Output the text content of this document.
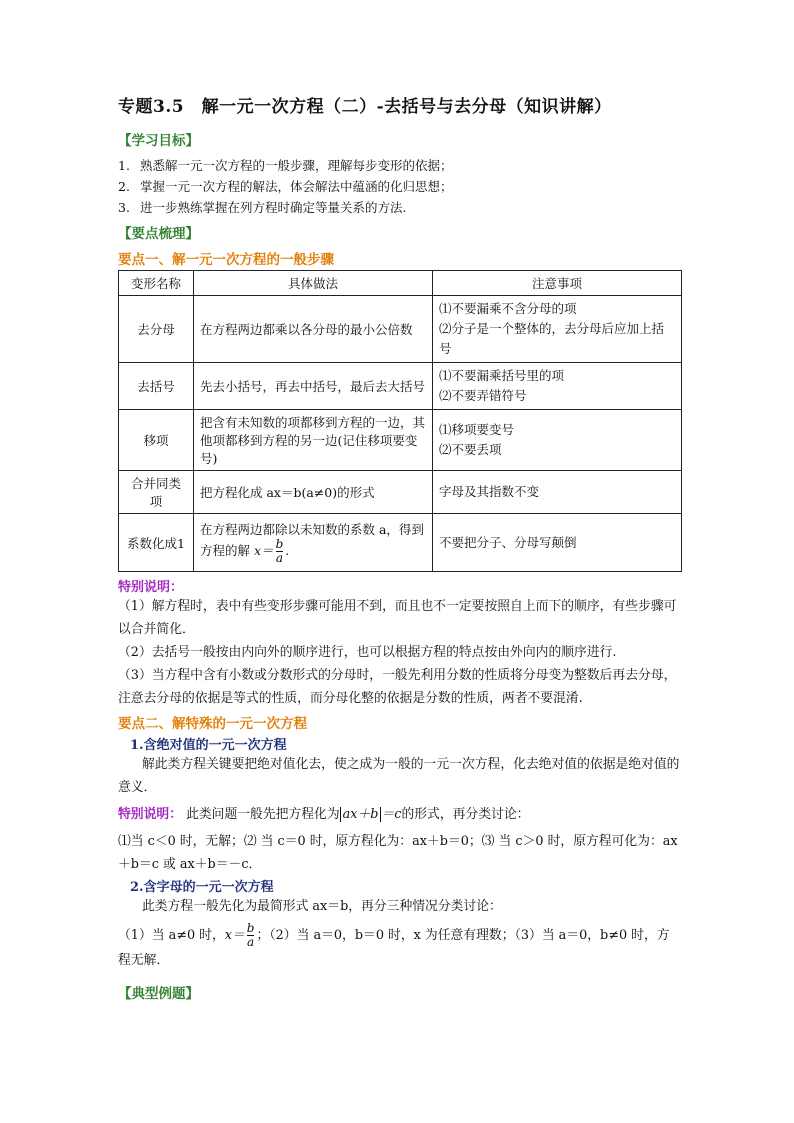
专题3.5　解一元一次方程（二）-去括号与去分母（知识讲解）
【学习目标】
1. 熟悉解一元一次方程的一般步骤，理解每步变形的依据；
2. 掌握一元一次方程的解法，体会解法中蕴涵的化归思想；
3. 进一步熟练掌握在列方程时确定等量关系的方法.
【要点梳理】
要点一、解一元一次方程的一般步骤
变形名称	具体做法	注意事项
去分母	在方程两边都乘以各分母的最小公倍数	⑴不要漏乘不含分母的项
⑵分子是一个整体的，去分母后应加上括号

去括号	先去小括号，再去中括号，最后去大括号	⑴不要漏乘括号里的项
⑵不要弄错符号

移项	把含有未知数的项都移到方程的一边，其他项都移到方程的另一边(记住移项要变号)	⑴移项要变号
⑵不要丢项

合并同类项	把方程化成 ax＝b(a≠0)的形式	字母及其指数不变

系数化成1	在方程两边都除以未知数的系数 a，得到方程的解 $x= \frac{b}{a}$ .	不要把分子、分母写颠倒
特别说明：
（1）解方程时，表中有些变形步骤可能用不到，而且也不一定要按照自上而下的顺序，有些步骤可以合并简化．
（2）去括号一般按由内向外的顺序进行，也可以根据方程的特点按由外向内的顺序进行.
（3）当方程中含有小数或分数形式的分母时，一般先利用分数的性质将分母变为整数后再去分母，注意去分母的依据是等式的性质，而分母化整的依据是分数的性质，两者不要混淆.
要点二、解特殊的一元一次方程
1.含绝对值的一元一次方程
解此类方程关键要把绝对值化去，使之成为一般的一元一次方程，化去绝对值的依据是绝对值的意义．
特别说明： 此类问题一般先把方程化为 ax＋b ＝c的形式，再分类讨论：
⑴当 c＜0 时，无解；⑵ 当 c＝0 时，原方程化为：ax＋b＝0；⑶ 当 c＞0 时，原方程可化为：ax＋b＝c 或 ax＋b＝－c．
2.含字母的一元一次方程
此类方程一般先化为最简形式 ax＝b，再分三种情况分类讨论：
（1）当 a≠0 时，$x= \frac{b}{a}$ ；（2）当 a＝0，b＝0 时，x 为任意有理数；（3）当 a＝0，b≠0 时，方程无解．
【典型例题】
